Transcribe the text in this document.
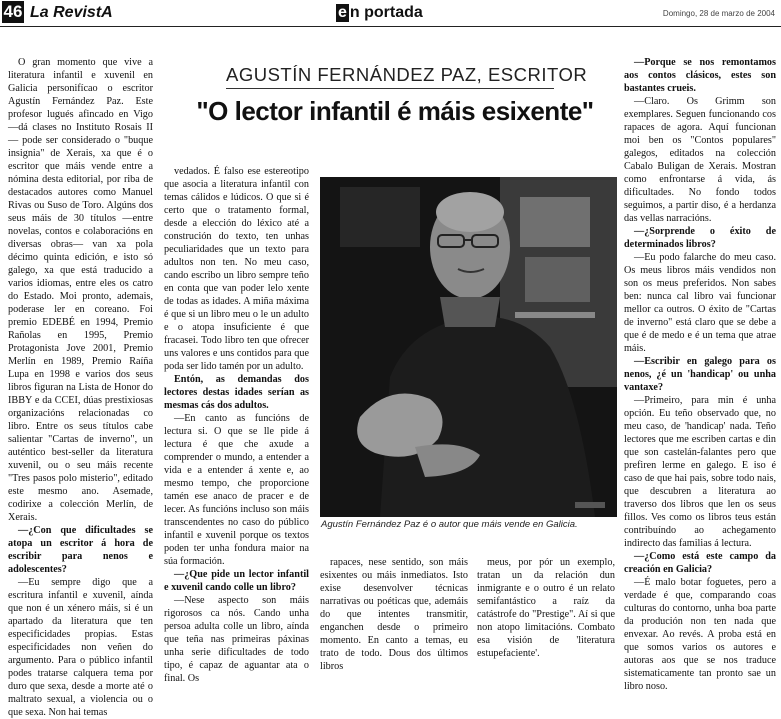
46 La RevistA	e n portada	Domingo, 28 de marzo de 2004
AGUSTÍN FERNÁNDEZ PAZ, ESCRITOR
"O lector infantil é máis esixente"

O gran momento que vive a literatura infantil e xuvenil en Galicia personifícao o escritor Agustín Fernández Paz. Este profesor lugués afincado en Vigo —dá clases no Instituto Rosais II— pode ser considerado o "buque insignia" de Xerais, xa que é o escritor que máis vende entre a nómina desta editorial, por riba de destacados autores como Manuel Rivas ou Suso de Toro. Algúns dos seus máis de 30 títulos —entre novelas, contos e colaboracións en diversas obras— van xa pola décimo quinta edición, e isto só galego, xa que está traducido a varios idiomas, entre eles os catro do Estado. Moi pronto, ademais, poderase ler en coreano. Foi premio EDEBÉ en 1994, Premio Rañolas en 1995, Premio Protagonista Jove 2001, Premio Merlín en 1989, Premio Raíña Lupa en 1998 e varios dos seus libros figuran na Lista de Honor do IBBY e da CCEI, dúas prestixiosas organizacións relacionadas co libro. Entre os seus títulos cabe salientar "Cartas de inverno", un auténtico best-seller da literatura xuvenil, ou o seu máis recente "Tres pasos polo misterio", editado este mesmo ano. Asemade, codirixe a colección Merlín, de Xerais.

—¿Con que dificultades se atopa un escritor á hora de escribir para nenos e adolescentes?

—Eu sempre digo que a escritura infantil e xuvenil, aínda que non é un xénero máis, si é un apartado da literatura que ten especificidades propias. Estas especificidades non veñen do argumento. Para o público infantil podes tratarse calquera tema por duro que sexa, desde a morte até o maltrato sexual, a violencia ou o que sexa. Non hai temas

vedados. É falso ese estereotipo que asocia a literatura infantil con temas cálidos e lúdicos. O que si é certo que o tratamento formal, desde a elección do léxico até a construción do texto, ten unhas peculiaridades que un texto para adultos non ten. No meu caso, cando escribo un libro sempre teño en conta que van poder lelo xente de todas as idades. A miña máxima é que si un libro meu o le un adulto e o atopa insuficiente é que fracasei. Todo libro ten que ofrecer uns valores e uns contidos para que poda ser lido tamén por un adulto.

Entón, as demandas dos lectores destas idades serían as mesmas cás dos adultos.

—En canto as funcións de lectura si. O que se lle pide á lectura é que che axude a comprender o mundo, a entender a vida e a entender á xente e, ao mesmo tempo, che proporcione tamén ese anaco de pracer e de lecer. As funcións incluso son máis transcendentes no caso do público infantil e xuvenil porque os textos poden ter unha fondura maior na súa formación.

—¿Que pide un lector infantil e xuvenil cando colle un libro?

—Nese aspecto son máis rigorosos ca nós. Cando unha persoa adulta colle un libro, aínda que teña nas primeiras páxinas unha serie dificultades de todo tipo, é capaz de aguantar ata o final. Os

Agustín Fernández Paz é o autor que máis vende en Galicia.

rapaces, nese sentido, son máis esixentes ou máis inmediatos. Isto exise desenvolver técnicas narrativas ou poéticas que, ademáis do que intentes transmitir, enganchen desde o primeiro momento. En canto a temas, eu trato de todo. Dous dos últimos libros

meus, por pór un exemplo, tratan un da relación dun inmigrante e o outro é un relato semifantástico a raíz da catástrofe do "Prestige". Aí si que non atopo limitacións. Combato esa visión de 'literatura estupefaciente'.

—Porque se nos remontamos aos contos clásicos, estes son bastantes crueis.

—Claro. Os Grimm son exemplares. Seguen funcionando cos rapaces de agora. Aquí funcionan moi ben os "Contos populares" galegos, editados na colección Cabalo Buligan de Xerais. Mostran como enfrontarse á vida, ás dificultades. No fondo todos seguimos, a partir diso, é a herdanza das vellas narracións.

—¿Sorprende o éxito de determinados libros?

—Eu podo falarche do meu caso. Os meus libros máis vendidos non son os meus preferidos. Non sabes ben: nunca cal libro vai funcionar mellor ca outros. O éxito de "Cartas de inverno" está claro que se debe a que é de medo e é un tema que atrae máis.

—Escribir en galego para os nenos, ¿é un 'handicap' ou unha vantaxe?

—Primeiro, para min é unha opción. Eu teño observado que, no meu caso, de 'handicap' nada. Teño lectores que me escriben cartas e din que son castelán-falantes pero que prefiren lerme en galego. E iso é caso de que hai pais, sobre todo nais, que descubren a literatura ao traverso dos libros que len os seus fillos. Ves como os libros teus están contribuíndo ao achegamento indirecto das familias á lectura.

—¿Como está este campo da creación en Galicia?

—É malo botar foguetes, pero a verdade é que, comparando coas culturas do contorno, unha boa parte da produción non ten nada que envexar. Ao revés. A proba está en que somos varios os autores e autoras aos que se nos traduce sistematicamente tan pronto sae un libro noso.
